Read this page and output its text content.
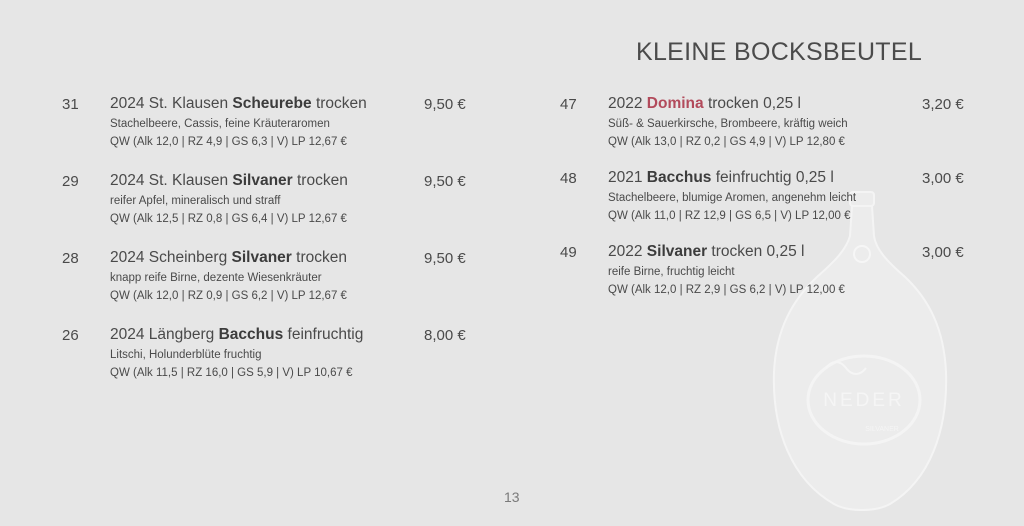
KLEINE BOCKSBEUTEL
NEDER
SILVANER
31 2024 St. Klausen Scheurebe trocken	9,50 €
Stachelbeere, Cassis, feine Kräuteraromen
QW (Alk 12,0 | RZ 4,9 | GS 6,3 | V) LP 12,67 €
29 2024 St. Klausen Silvaner trocken	9,50 €
reifer Apfel, mineralisch und straff
QW (Alk 12,5 | RZ 0,8 | GS 6,4 | V) LP 12,67 €
28 2024 Scheinberg Silvaner trocken	9,50 €
knapp reife Birne, dezente Wiesenkräuter
QW (Alk 12,0 | RZ 0,9 | GS 6,2 | V) LP 12,67 €
26 2024 Längberg Bacchus feinfruchtig	8,00 €
Litschi, Holunderblüte fruchtig
QW (Alk 11,5 | RZ 16,0 | GS 5,9 | V) LP 10,67 €
47 2022 Domina trocken 0,25 l	3,20 €
Süß- & Sauerkirsche, Brombeere, kräftig weich
QW (Alk 13,0 | RZ 0,2 | GS 4,9 | V) LP 12,80 €
48 2021 Bacchus feinfruchtig 0,25 l	3,00 €
Stachelbeere, blumige Aromen, angenehm leicht
QW (Alk 11,0 | RZ 12,9 | GS 6,5 | V) LP 12,00 €
49 2022 Silvaner trocken 0,25 l	3,00 €
reife Birne, fruchtig leicht
QW (Alk 12,0 | RZ 2,9 | GS 6,2 | V) LP 12,00 €
13
